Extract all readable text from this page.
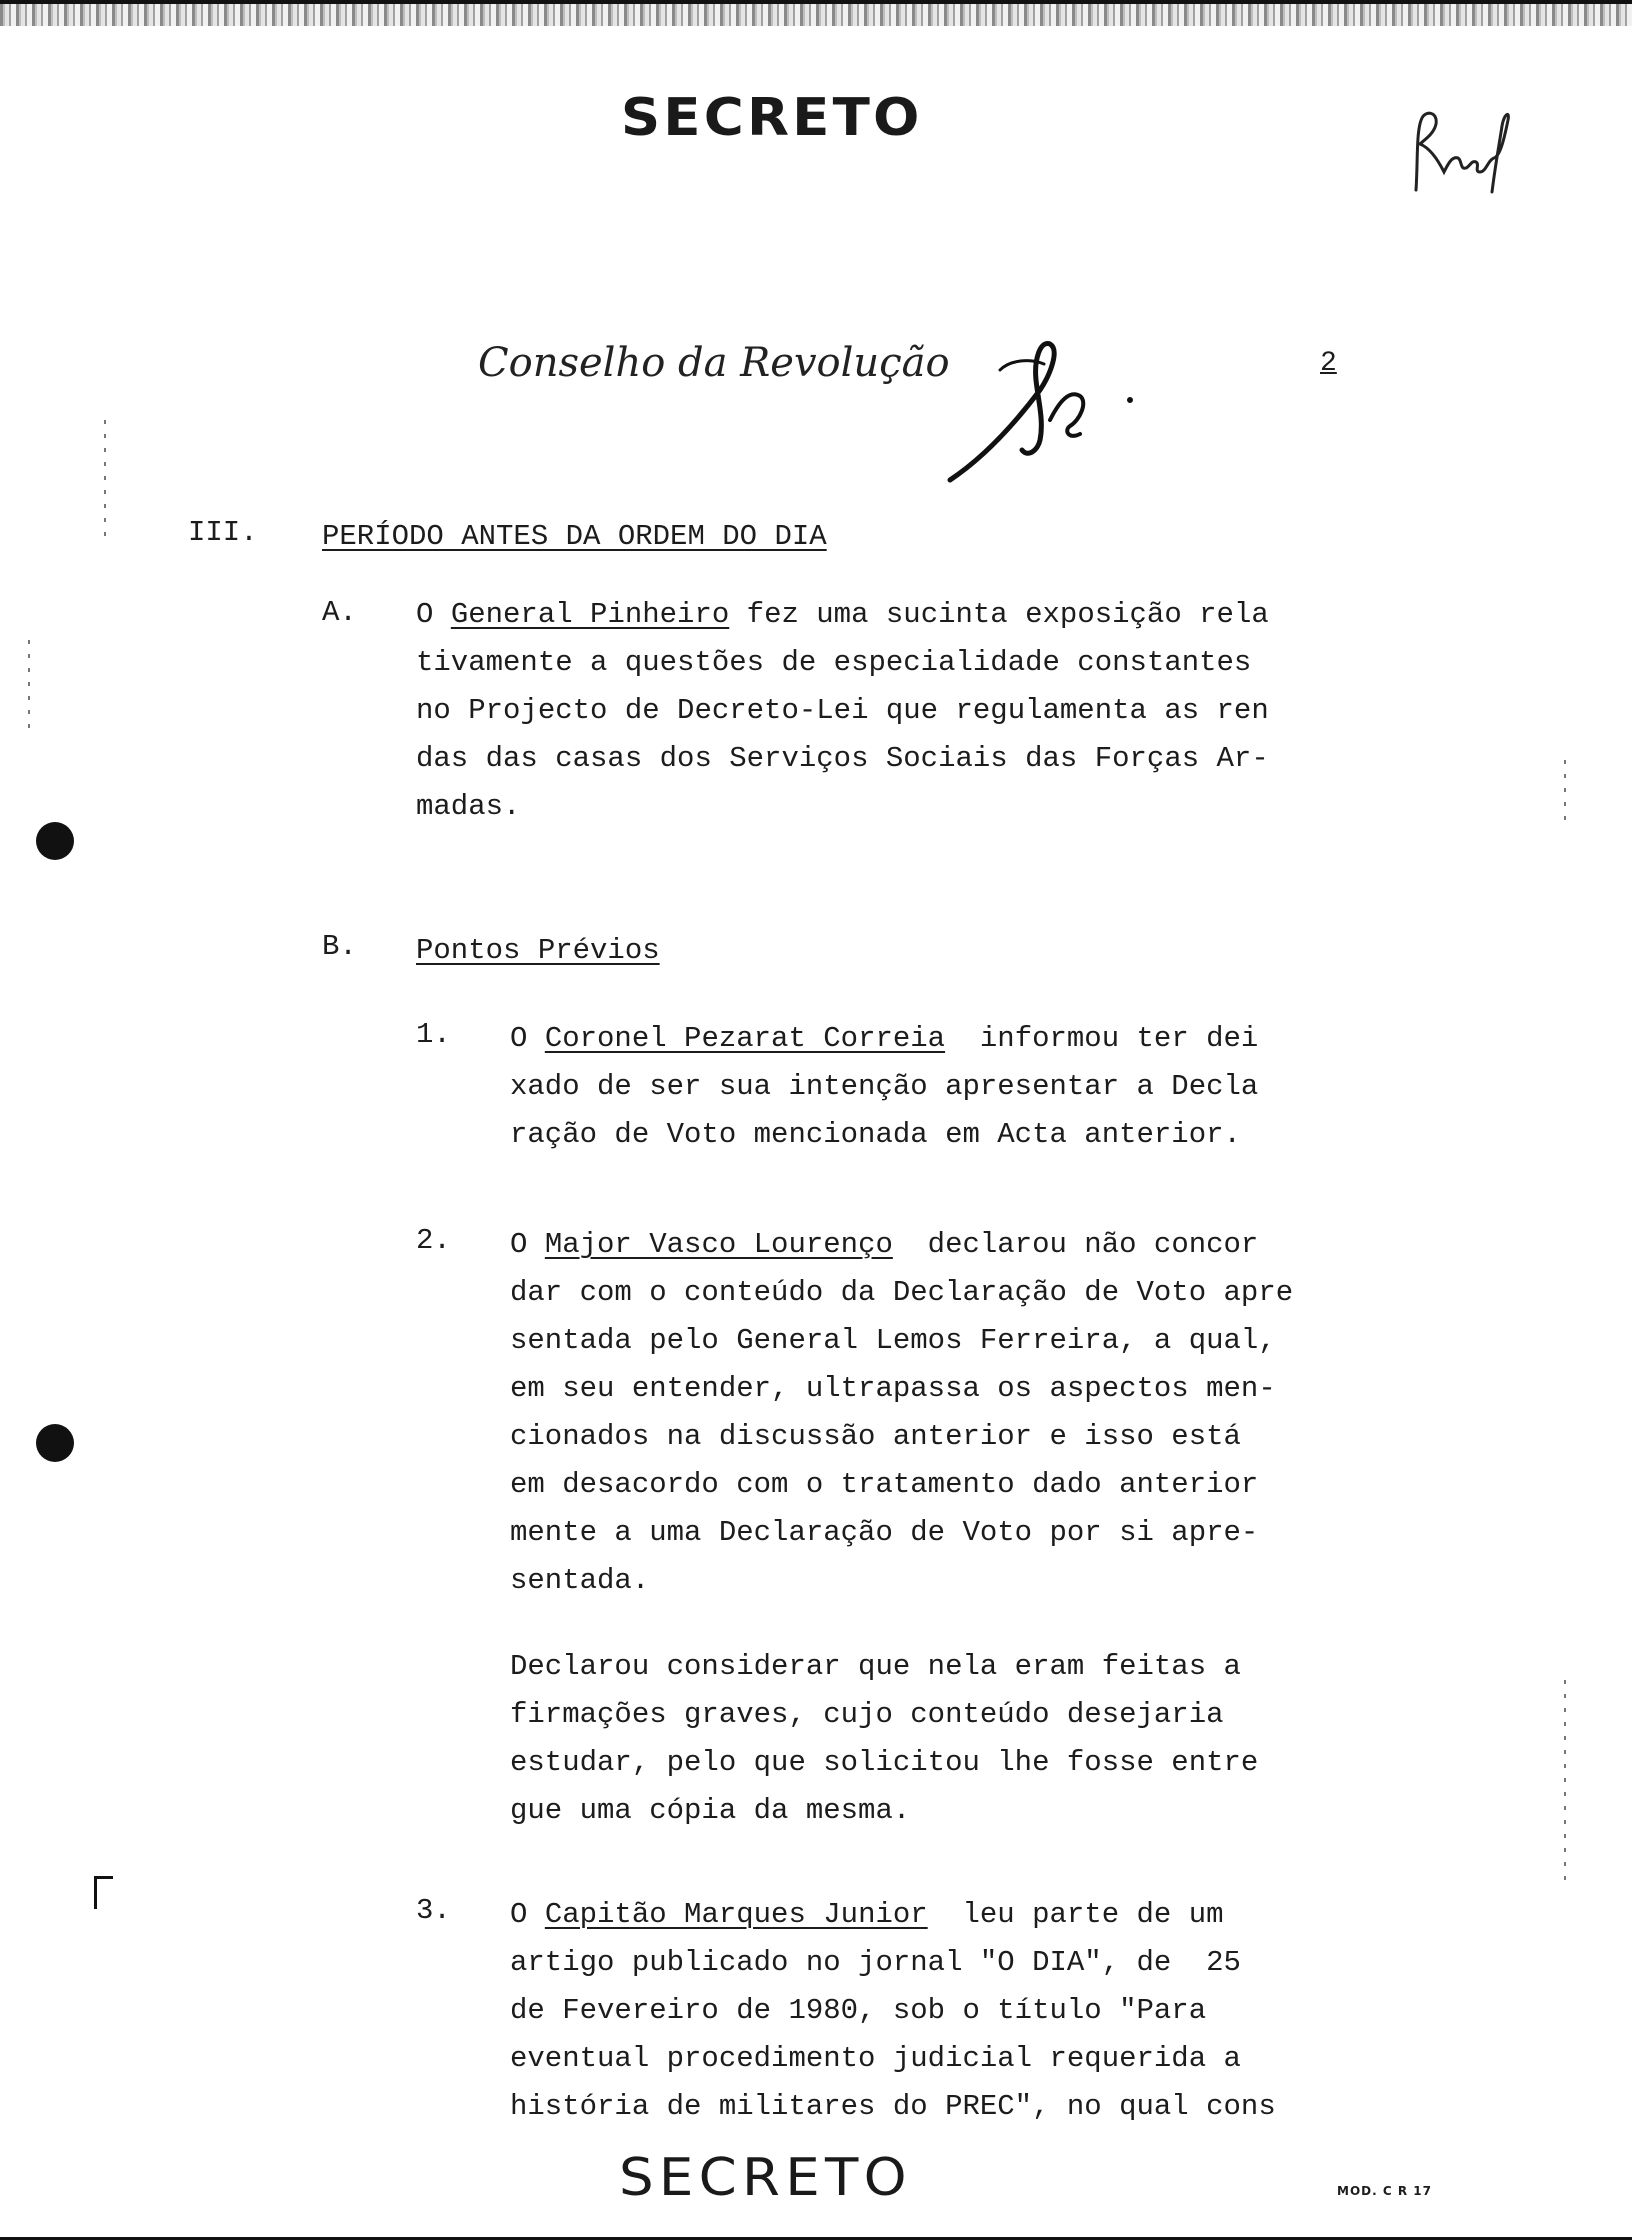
SECRETO
Conselho da Revolução	2
III. PERÍODO ANTES DA ORDEM DO DIA
A. O General Pinheiro fez uma sucinta exposição rela
tivamente a questões de especialidade constantes
no Projecto de Decreto-Lei que regulamenta as ren
das das casas dos Serviços Sociais das Forças Ar-
madas.
B. Pontos Prévios
1. O Coronel Pezarat Correia  informou ter dei
xado de ser sua intenção apresentar a Decla
ração de Voto mencionada em Acta anterior.
2. O Major Vasco Lourenço  declarou não concor
dar com o conteúdo da Declaração de Voto apre
sentada pelo General Lemos Ferreira, a qual,
em seu entender, ultrapassa os aspectos men-
cionados na discussão anterior e isso está
em desacordo com o tratamento dado anterior
mente a uma Declaração de Voto por si apre-
sentada.
Declarou considerar que nela eram feitas a
firmações graves, cujo conteúdo desejaria
estudar, pelo que solicitou lhe fosse entre
gue uma cópia da mesma.
3. O Capitão Marques Junior  leu parte de um
artigo publicado no jornal "O DIA", de  25
de Fevereiro de 1980, sob o título "Para
eventual procedimento judicial requerida a
história de militares do PREC", no qual cons
SECRETO	MOD. C R 17
